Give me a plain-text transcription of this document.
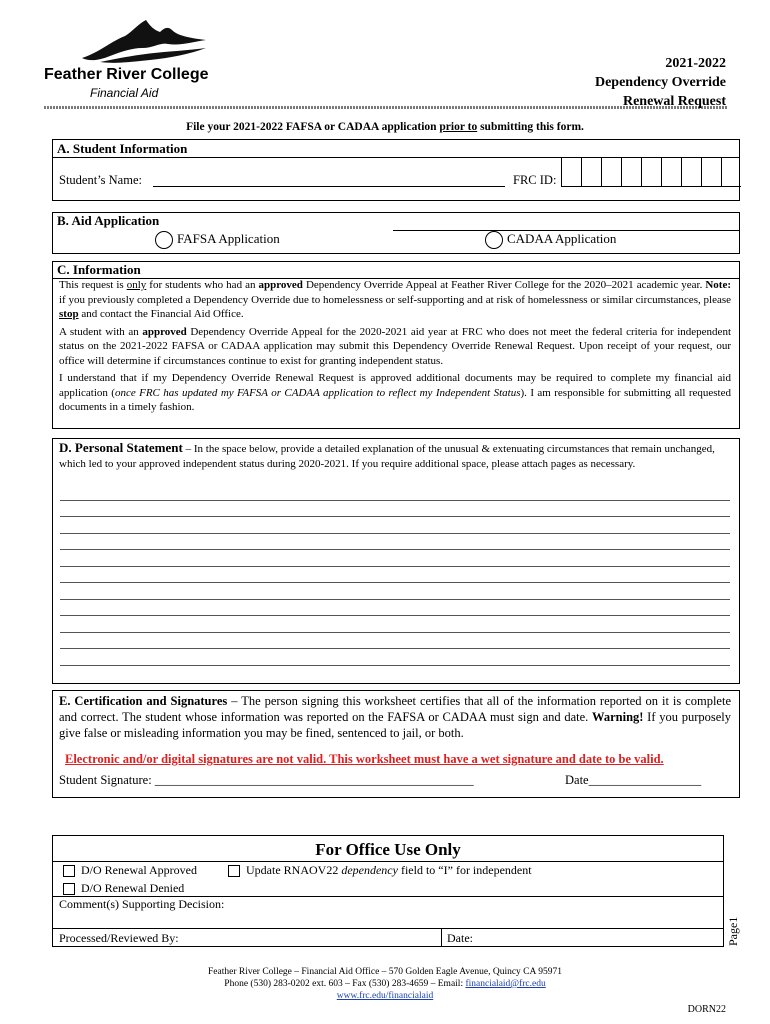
Feather River College
Financial Aid
2021-2022
Dependency Override
Renewal Request
File your 2021-2022 FAFSA or CADAA application prior to submitting this form.
A. Student Information
Student’s Name:	FRC ID:
B. Aid Application
FAFSA Application	CADAA Application
C. Information

This request is only for students who had an approved Dependency Override Appeal at Feather River College for the 2020–2021 academic year. Note: if you previously completed a Dependency Override due to homelessness or self-supporting and at risk of homelessness or similar circumstances, please stop and contact the Financial Aid Office.

A student with an approved Dependency Override Appeal for the 2020-2021 aid year at FRC who does not meet the federal criteria for independent status on the 2021-2022 FAFSA or CADAA application may submit this Dependency Override Renewal Request. Upon receipt of your request, our office will determine if circumstances continue to exist for granting independent status.

I understand that if my Dependency Override Renewal Request is approved additional documents may be required to complete my financial aid application (once FRC has updated my FAFSA or CADAA application to reflect my Independent Status). I am responsible for submitting all requested documents in a timely fashion.

D. Personal Statement – In the space below, provide a detailed explanation of the unusual & extenuating circumstances that remain unchanged, which led to your approved independent status during 2020-2021. If you require additional space, please attach pages as necessary.
E. Certification and Signatures – The person signing this worksheet certifies that all of the information reported on it is complete and correct. The student whose information was reported on the FAFSA or CADAA must sign and date. Warning! If you purposely give false or misleading information you may be fined, sentenced to jail, or both.
Electronic and/or digital signatures are not valid. This worksheet must have a wet signature and date to be valid.
Student Signature: ___________________________________________________	Date__________________
For Office Use Only
D/O Renewal Approved	Update RNAOV22 dependency field to “I” for independent
D/O Renewal Denied
Comment(s) Supporting Decision:
Processed/Reviewed By:	Date:	Page1
Feather River College – Financial Aid Office – 570 Golden Eagle Avenue, Quincy CA 95971
Phone (530) 283-0202 ext. 603 – Fax (530) 283-4659 – Email: financialaid@frc.edu
www.frc.edu/financialaid
DORN22
